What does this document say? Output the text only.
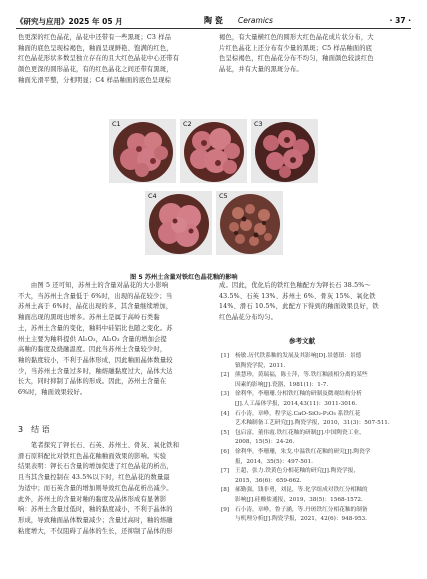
《研究与应用》2025 年 05 月	陶 瓷 Ceramics	· 37 ·

色更深的红色晶花，晶花中还带有一些黑斑；C3 样品

釉面的底色呈现棕褐色，釉面呈现鲜艳、饱满的红色，

红色晶花形状多数呈独立存在的且大红色晶花中心还带有

颜色更深的圆形晶花，有的红色晶花之间还带有黑斑，

釉面光滑平整，分相明显；C4 样品釉面的底色呈现棕

褐色，有大量横红色的圆形大红色晶花成片状分布，大

片红色晶花上还分布有少量的黑斑；C5 样品釉面的底

色呈棕褐色，红色晶花分布不均匀，釉面颜色较淡红色

晶花，并有大量的黑斑分布。

C1	C2	C3
C4	C5
图 5 苏州土含量对铁红色晶花釉的影响

　　由图 5 还可知，苏州土的含量对晶花的大小影响

不大，当苏州土含量低于 6%时，出现的晶花较少；当

苏州土高于 6%时，晶花出现的多，其含量继续增加，

釉面出现的黑斑也增多。苏州土是属于高岭石类黏

土，苏州土含量的变化，釉料中硅铝比也随之变化。苏

州土主要为釉料提供 Al₂O₃，Al₂O₃ 含量的增加会提

高釉的黏度及烧融温度。因此当苏州土含量较少时，

釉的黏度较小，不利于晶体形成，因此釉面晶体数量较

少，当苏州土含量过多时，釉熔融黏度过大，晶体大达

长大，同时抑制了晶体的形成。因此，苏州土含量在

6%时，釉面效果较好。

成。因此，优化后的铁红色釉配方为钾长石 38.5%～

43.5%、石英 13%、苏州土 6%、骨灰 15%、氧化铁

14%、滑石 10.5%，此配方下得到的釉面效果良好，铁

红色晶花分布均匀。

3 结 语

　　笔者探究了钾长石、石英、苏州土、骨灰、氧化铁和

滑石原料配比对铁红色晶花釉釉面效果的影响。实验

结果表明：钾长石含量的增加促进了红色晶花的析出，

且当其含量控制在 43.5%以下时，红色晶花的数量最

为适中；而石英含量的增加则导致红色晶花析出减少。

此外，苏州土的含量对釉的黏度及晶体形成有显著影

响：苏州土含量过低时，釉的黏度减小，不利于晶体的

形成，导致釉面晶体数量减少；含量过高时，釉的熔融

粘度增大，不仅阻碍了晶体的生长，还抑制了晶体的形

参考文献
[1] 杨敏.历代铁系釉的发展及其影响[D].景德镇：景德
镇陶瓷学院，2011.
[2] 熊慧珍，黄瑞福，陈士萍，等.铁红釉液相分离的某些
因素的影响[J].瓷器，1981(1)：1-7.
[3] 徐利华，李珊珊.分相铁红釉的研制及微观结构分析
[J].人工晶体学报，2014,43(11)：3011-3016.
[4] 石小涛，章峥，程学运.CaO-SiO₂-P₂O₅ 系铁红花
艺术釉制备工艺研究[J].陶瓷学报，2010，31(3)：507-511.
[5] 包启富，董伟霞.铁红花釉的研制[J].中国陶瓷工业，
2008，15(5)：24-26.
[6] 徐利华，李珊珊，朱戈.中温铁红花釉的研究[J].陶瓷学
报，2014，35(5)：497-501.
[7] 王超，张力.铁黄色分相花釉的研究[J].陶瓷学报，
2015，36(6)：659-662.
[8] 郝勤强，钱非勇，刘昆，等.化学组成对铁红分相釉的
影响[J].硅酸盐通报，2019，38(5)：1568-1572.
[9] 石小涛，章峥，鲁子涵，等.丹斑铁红分相花釉的制备
与机理分析[J].陶瓷学报，2021，42(6)：948-953.
